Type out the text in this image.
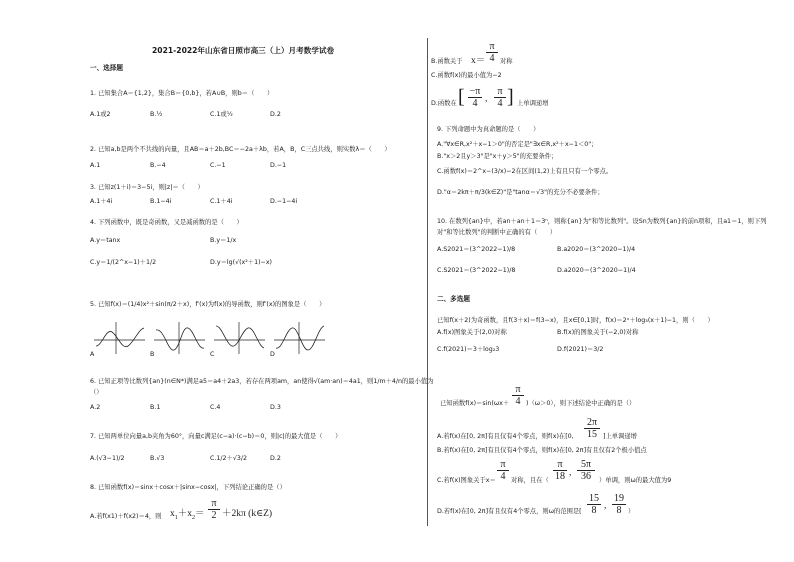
2021-2022年山东省日照市高三（上）月考数学试卷
一、选择题
1. 已知集合A＝{1,2}，集合B＝{0,b}，若A∪B，则b＝（　　）
A.1或2	B.½	C.1或½	D.2
2. 已知a,b是两个不共线的向量，且AB＝a＋2b,BC＝−2a＋λb，若A，B，C三点共线，则实数λ＝（　　）
A.1	B.−4	C.−1	D.−1
3. 已知z(1＋i)＝3−5i，则|z|＝（　　）
A.1＋4i	B.1−4i	C.1＋4i	D.−1−4i
4. 下列函数中，既是奇函数，又是减函数的是（　　）
A.y＝tanx	B.y＝1/x
C.y＝1/(2^x−1)＋1/2	D.y＝lg(√(x²＋1)−x)
5. 已知f(x)＝(1/4)x²＋sin(π/2＋x)，f′(x)为f(x)的导函数，则f′(x)的图象是（　　）
A	B	C	D
6. 已知正项等比数列{an}(n∈N*)满足a5＝a4＋2a3，若存在两项am，an使得√(am·an)＝4a1，则1/m＋4/n的最小值为
（）
A.2	B.1	C.4	D.3
7. 已知两单位向量a,b夹角为60°，向量c满足(c−a)·(c−b)＝0，则|c|的最大值是（　　）
A.(√3−1)/2	B.√3	C.1/2＋√3/2	D.2
8. 已知函数f(x)＝sinx＋cosx＋|sinx−cosx|，下列结论正确的是（）
A.若f(x1)＋f(x2)＝4，则 $x_1+x_2= \frac{\pi}{2} +2k\pi$ (k∈Z)
B.函数关于 $x= \frac{\pi}{4}$ 对称
C.函数f(x)的最小值为−2
D.函数在 [ $\frac{-\pi}{4}$ , $\frac{\pi}{4}$ ] 上单调递增
9. 下列命题中为真命题的是（　　）
A."∀x∈R,x²＋x−1＞0"的否定是"∃x∈R,x²＋x−1＜0"；
B."x＞2且y＞3"是"x＋y＞5"的充要条件；
C.函数f(x)＝2^x−(3/x)−2在区间(1,2)上有且只有一个零点。
D."α＝2kπ＋π/3(k∈Z)"是"tanα＝√3"的充分不必要条件；
10. 在数列{an}中，若an＋an＋1＝3ⁿ，则称{an}为"和等比数列"。设Sn为数列{an}的前n项和，且a1＝1，则下列
对"和等比数列"的判断中正确的有（　　）
A.S2021＝(3^2022−1)/8	B.a2020＝(3^2020−1)/4
C.S2021＝(3^2022−1)/8	D.a2020＝(3^2020−1)/4
二、多选题
已知f(x＋2)为奇函数，且f(3＋x)＝f(3−x)，且x∈[0,1]时，f(x)＝2ˣ＋log₃(x＋1)−1，则（　　）
A.f(x)图象关于(2,0)对称	B.f(x)的图象关于(−2,0)对称
C.f(2021)＝3＋log₂3	D.f(2021)＝3/2
已知函数$f(x)=\sin(\omega x+ \frac{\pi}{4} )(\omega>0)$，则下述结论中正确的是（）
A.若f(x)在[0, 2π]有且仅有4个零点，则f(x)在[0, $\frac{2\pi}{15}$ ]上单调递增
B.若f(x)在[0, 2π]有且仅有4个零点，则f(x)在[0, 2π]有且仅有2个极小值点
C.若f(x)图象关于$x= \frac{\pi}{4}$ 对称，且在（ $\frac{\pi}{18}$ , $\frac{5\pi}{36}$ ）单调，则ω的最大值为9
D.若f(x)在[0, 2π]有且仅有4个零点，则ω的范围是[ $\frac{15}{8}$ , $\frac{19}{8}$ ）
